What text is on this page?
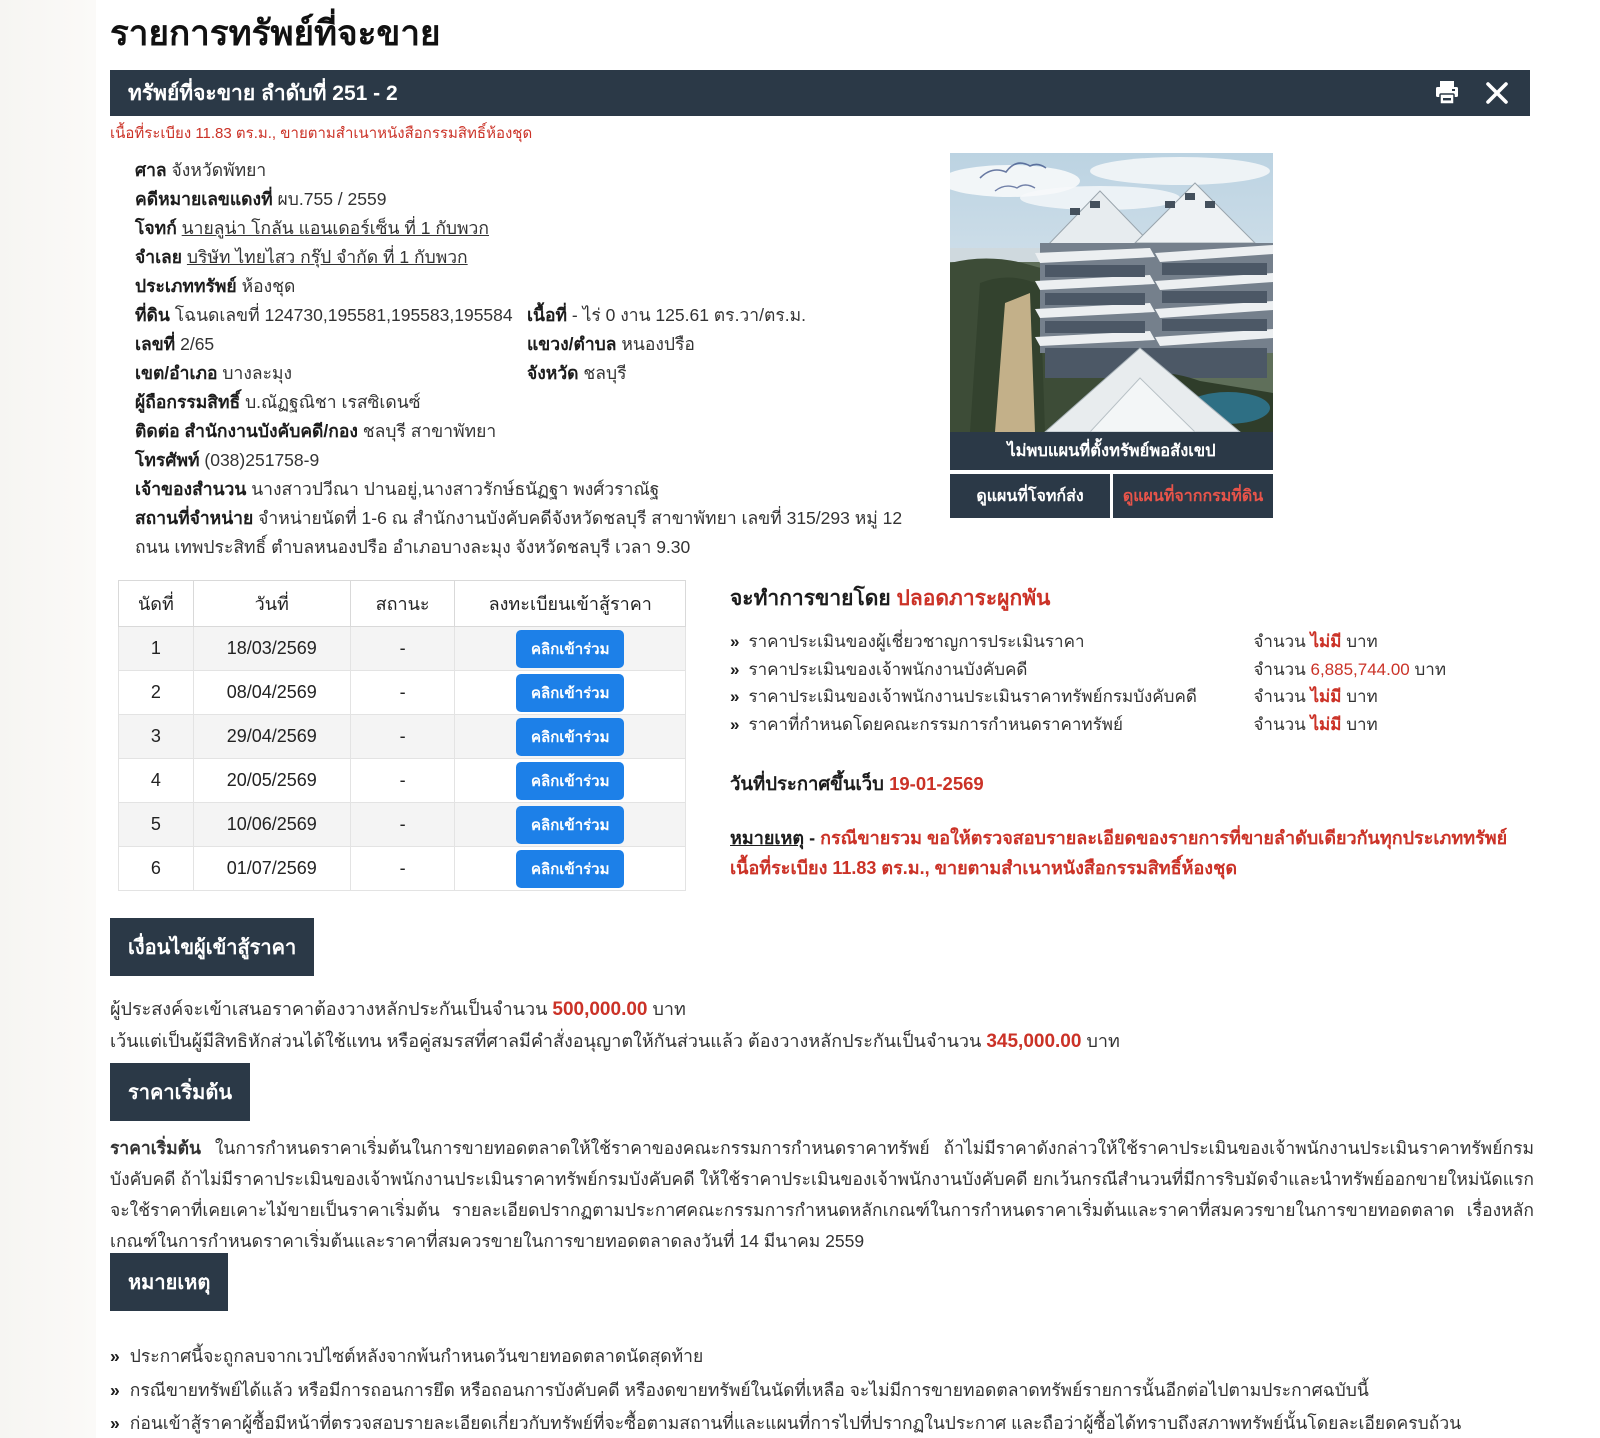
รายการทรัพย์ที่จะขาย
ทรัพย์ที่จะขาย ลำดับที่ 251 - 2
เนื้อที่ระเบียง 11.83 ตร.ม., ขายตามสำเนาหนังสือกรรมสิทธิ์ห้องชุด
ศาล จังหวัดพัทยา
คดีหมายเลขแดงที่ ผบ.755 / 2559
โจทก์ นายลูน่า โกลัน แอนเดอร์เซ็น ที่ 1 กับพวก
จำเลย บริษัท ไทยไสว กรุ๊ป จำกัด ที่ 1 กับพวก
ประเภททรัพย์ ห้องชุด
ที่ดิน โฉนดเลขที่ 124730,195581,195583,195584 เนื้อที่ - ไร่ 0 งาน 125.61 ตร.วา/ตร.ม.
เลขที่ 2/65	แขวง/ตำบล หนองปรือ
เขต/อำเภอ บางละมุง	จังหวัด ชลบุรี
ผู้ถือกรรมสิทธิ์ บ.ณัฏฐณิชา เรสซิเดนซ์
ติดต่อ สำนักงานบังคับคดี/กอง ชลบุรี สาขาพัทยา
โทรศัพท์ (038)251758-9
เจ้าของสำนวน นางสาวปวีณา ปานอยู่,นางสาวรักษ์ธนัฏฐา พงศ์วราณัฐ
สถานที่จำหน่าย จำหน่ายนัดที่ 1-6 ณ สำนักงานบังคับคดีจังหวัดชลบุรี สาขาพัทยา เลขที่ 315/293 หมู่ 12 ถนน เทพประสิทธิ์ ตำบลหนองปรือ อำเภอบางละมุง จังหวัดชลบุรี เวลา 9.30
ไม่พบแผนที่ตั้งทรัพย์พอสังเขป
ดูแผนที่โจทก์ส่ง	ดูแผนที่จากกรมที่ดิน
นัดที่	วันที่	สถานะ	ลงทะเบียนเข้าสู้ราคา
1	18/03/2569	-	คลิกเข้าร่วม
2	08/04/2569	-	คลิกเข้าร่วม
3	29/04/2569	-	คลิกเข้าร่วม
4	20/05/2569	-	คลิกเข้าร่วม
5	10/06/2569	-	คลิกเข้าร่วม
6	01/07/2569	-	คลิกเข้าร่วม
จะทำการขายโดย ปลอดภาระผูกพัน
» ราคาประเมินของผู้เชี่ยวชาญการประเมินราคา	จำนวน ไม่มี บาท
» ราคาประเมินของเจ้าพนักงานบังคับคดี	จำนวน 6,885,744.00 บาท
» ราคาประเมินของเจ้าพนักงานประเมินราคาทรัพย์กรมบังคับคดี	จำนวน ไม่มี บาท
» ราคาที่กำหนดโดยคณะกรรมการกำหนดราคาทรัพย์	จำนวน ไม่มี บาท
วันที่ประกาศขึ้นเว็บ 19-01-2569
หมายเหตุ - กรณีขายรวม ขอให้ตรวจสอบรายละเอียดของรายการที่ขายลำดับเดียวกันทุกประเภททรัพย์
เนื้อที่ระเบียง 11.83 ตร.ม., ขายตามสำเนาหนังสือกรรมสิทธิ์ห้องชุด
เงื่อนไขผู้เข้าสู้ราคา
ผู้ประสงค์จะเข้าเสนอราคาต้องวางหลักประกันเป็นจำนวน 500,000.00 บาท
เว้นแต่เป็นผู้มีสิทธิหักส่วนได้ใช้แทน หรือคู่สมรสที่ศาลมีคำสั่งอนุญาตให้กันส่วนแล้ว ต้องวางหลักประกันเป็นจำนวน 345,000.00 บาท
ราคาเริ่มต้น
ราคาเริ่มต้น ในการกำหนดราคาเริ่มต้นในการขายทอดตลาดให้ใช้ราคาของคณะกรรมการกำหนดราคาทรัพย์ ถ้าไม่มีราคาดังกล่าวให้ใช้ราคาประเมินของเจ้าพนักงานประเมินราคาทรัพย์กรมบังคับคดี ถ้าไม่มีราคาประเมินของเจ้าพนักงานประเมินราคาทรัพย์กรมบังคับคดี ให้ใช้ราคาประเมินของเจ้าพนักงานบังคับคดี ยกเว้นกรณีสำนวนที่มีการริบมัดจำและนำทรัพย์ออกขายใหม่นัดแรกจะใช้ราคาที่เคยเคาะไม้ขายเป็นราคาเริ่มต้น รายละเอียดปรากฏตามประกาศคณะกรรมการกำหนดหลักเกณฑ์ในการกำหนดราคาเริ่มต้นและราคาที่สมควรขายในการขายทอดตลาด เรื่องหลักเกณฑ์ในการกำหนดราคาเริ่มต้นและราคาที่สมควรขายในการขายทอดตลาดลงวันที่ 14 มีนาคม 2559
หมายเหตุ
» ประกาศนี้จะถูกลบจากเวปไซต์หลังจากพ้นกำหนดวันขายทอดตลาดนัดสุดท้าย
» กรณีขายทรัพย์ได้แล้ว หรือมีการถอนการยึด หรือถอนการบังคับคดี หรืองดขายทรัพย์ในนัดที่เหลือ จะไม่มีการขายทอดตลาดทรัพย์รายการนั้นอีกต่อไปตามประกาศฉบับนี้
» ก่อนเข้าสู้ราคาผู้ซื้อมีหน้าที่ตรวจสอบรายละเอียดเกี่ยวกับทรัพย์ที่จะซื้อตามสถานที่และแผนที่การไปที่ปรากฏในประกาศ และถือว่าผู้ซื้อได้ทราบถึงสภาพทรัพย์นั้นโดยละเอียดครบถ้วน
